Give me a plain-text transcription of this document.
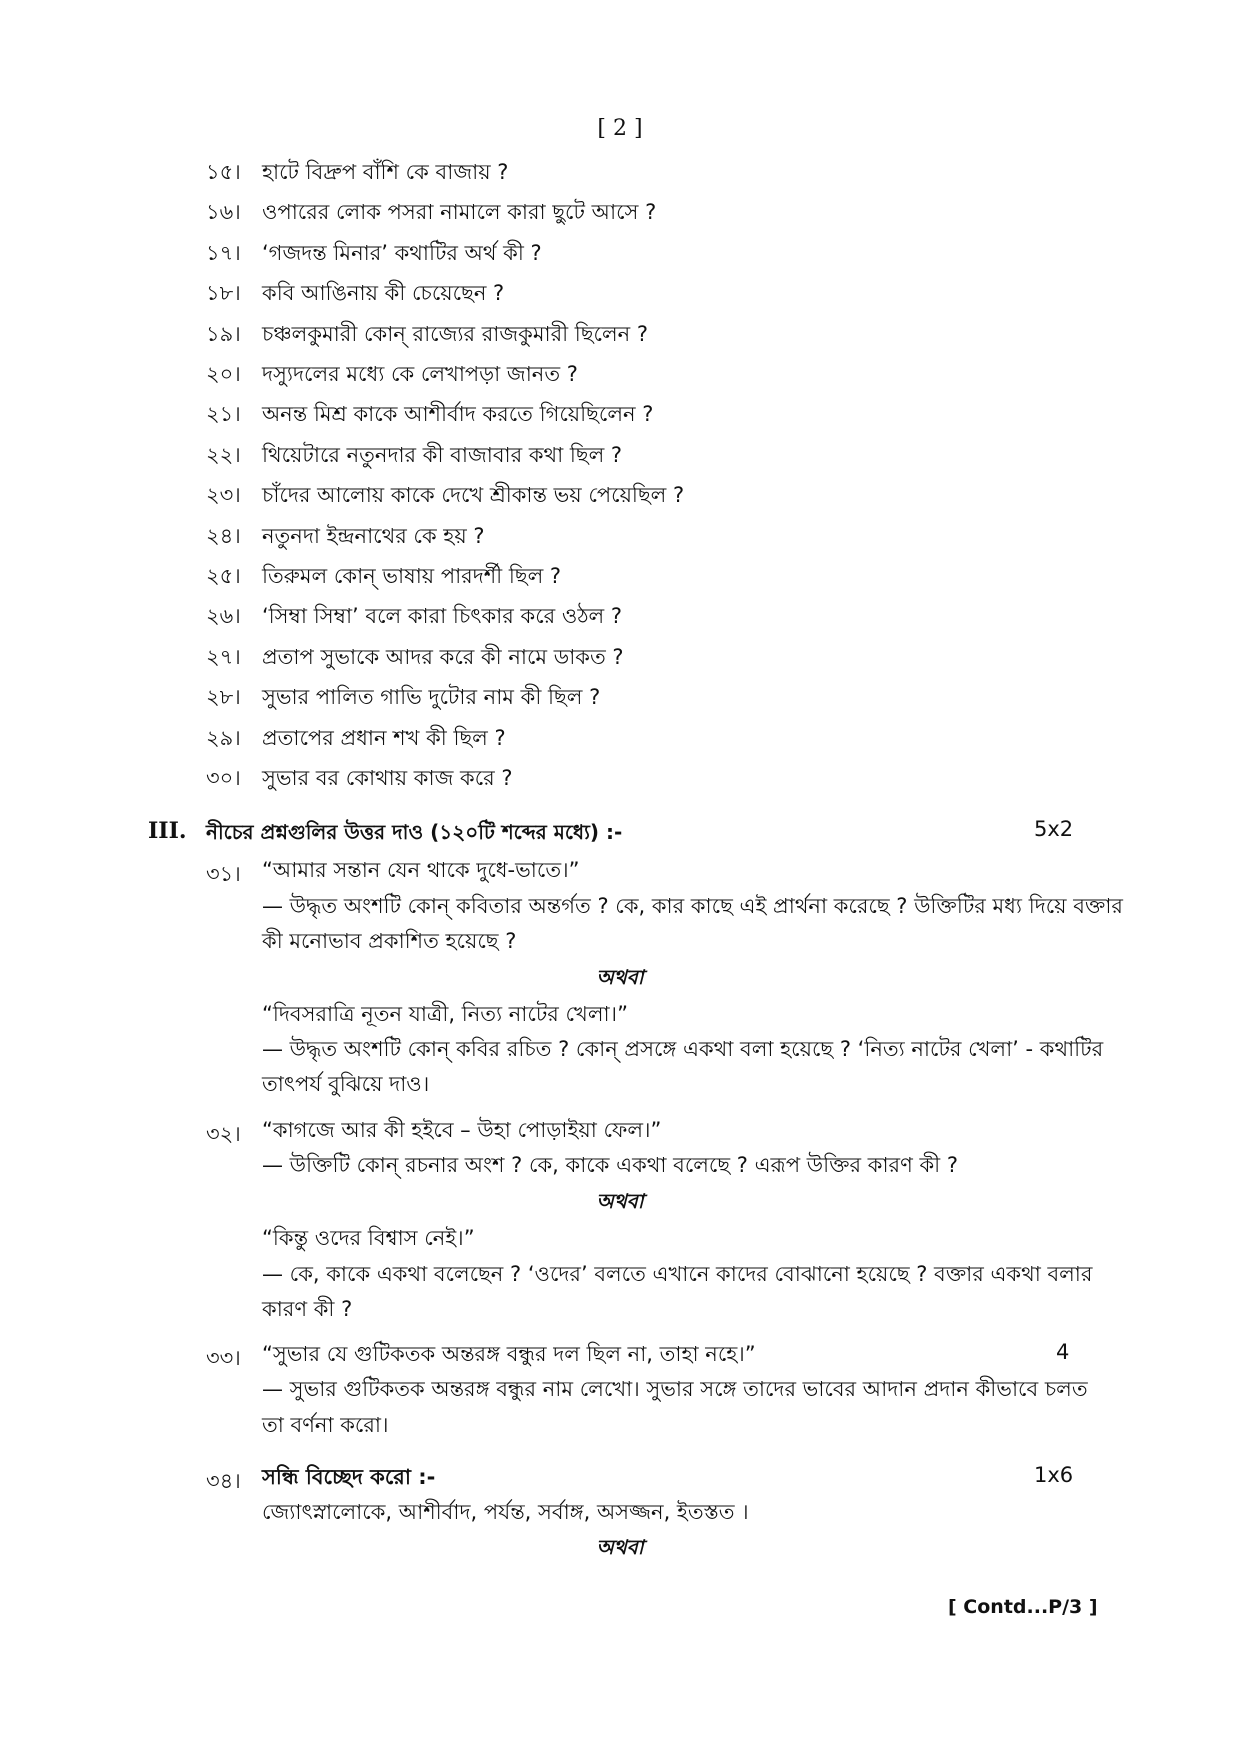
[ 2 ]
১৫। হাটে বিদ্রুপ বাঁশি কে বাজায় ?
১৬। ওপারের লোক পসরা নামালে কারা ছুটে আসে ?
১৭। ‘গজদন্ত মিনার’ কথাটির অর্থ কী ?
১৮। কবি আঙিনায় কী চেয়েছেন ?
১৯। চঞ্চলকুমারী কোন্ রাজ্যের রাজকুমারী ছিলেন ?
২০। দস্যুদলের মধ্যে কে লেখাপড়া জানত ?
২১। অনন্ত মিশ্র কাকে আশীর্বাদ করতে গিয়েছিলেন ?
২২। থিয়েটারে নতুনদার কী বাজাবার কথা ছিল ?
২৩। চাঁদের আলোয় কাকে দেখে শ্রীকান্ত ভয় পেয়েছিল ?
২৪। নতুনদা ইন্দ্রনাথের কে হয় ?
২৫। তিরুমল কোন্ ভাষায় পারদর্শী ছিল ?
২৬। ‘সিম্বা সিম্বা’ বলে কারা চিৎকার করে ওঠল ?
২৭। প্রতাপ সুভাকে আদর করে কী নামে ডাকত ?
২৮। সুভার পালিত গাভি দুটোর নাম কী ছিল ?
২৯। প্রতাপের প্রধান শখ কী ছিল ?
৩০। সুভার বর কোথায় কাজ করে ?
III. নীচের প্রশ্নগুলির উত্তর দাও (১২০টি শব্দের মধ্যে) :-	5x2
৩১। “আমার সন্তান যেন থাকে দুধে-ভাতে।”
— উদ্ধৃত অংশটি কোন্ কবিতার অন্তর্গত ? কে, কার কাছে এই প্রার্থনা করেছে ? উক্তিটির মধ্য দিয়ে বক্তার
কী মনোভাব প্রকাশিত হয়েছে ?
অথবা
“দিবসরাত্রি নূতন যাত্রী, নিত্য নাটের খেলা।”
— উদ্ধৃত অংশটি কোন্ কবির রচিত ? কোন্ প্রসঙ্গে একথা বলা হয়েছে ? ‘নিত্য নাটের খেলা’ - কথাটির
তাৎপর্য বুঝিয়ে দাও।
৩২। “কাগজে আর কী হইবে – উহা পোড়াইয়া ফেল।”
— উক্তিটি কোন্ রচনার অংশ ? কে, কাকে একথা বলেছে ? এরূপ উক্তির কারণ কী ?
অথবা
“কিন্তু ওদের বিশ্বাস নেই।”
— কে, কাকে একথা বলেছেন ? ‘ওদের’ বলতে এখানে কাদের বোঝানো হয়েছে ? বক্তার একথা বলার
কারণ কী ?
৩৩। “সুভার যে গুটিকতক অন্তরঙ্গ বন্ধুর দল ছিল না, তাহা নহে।”	4
— সুভার গুটিকতক অন্তরঙ্গ বন্ধুর নাম লেখো। সুভার সঙ্গে তাদের ভাবের আদান প্রদান কীভাবে চলত
তা বর্ণনা করো।
৩৪। সন্ধি বিচ্ছেদ করো :-	1x6
জ্যোৎস্নালোকে, আশীর্বাদ, পর্যন্ত, সর্বাঙ্গ, অসজ্জন, ইতস্তত ।
অথবা
[ Contd...P/3 ]
